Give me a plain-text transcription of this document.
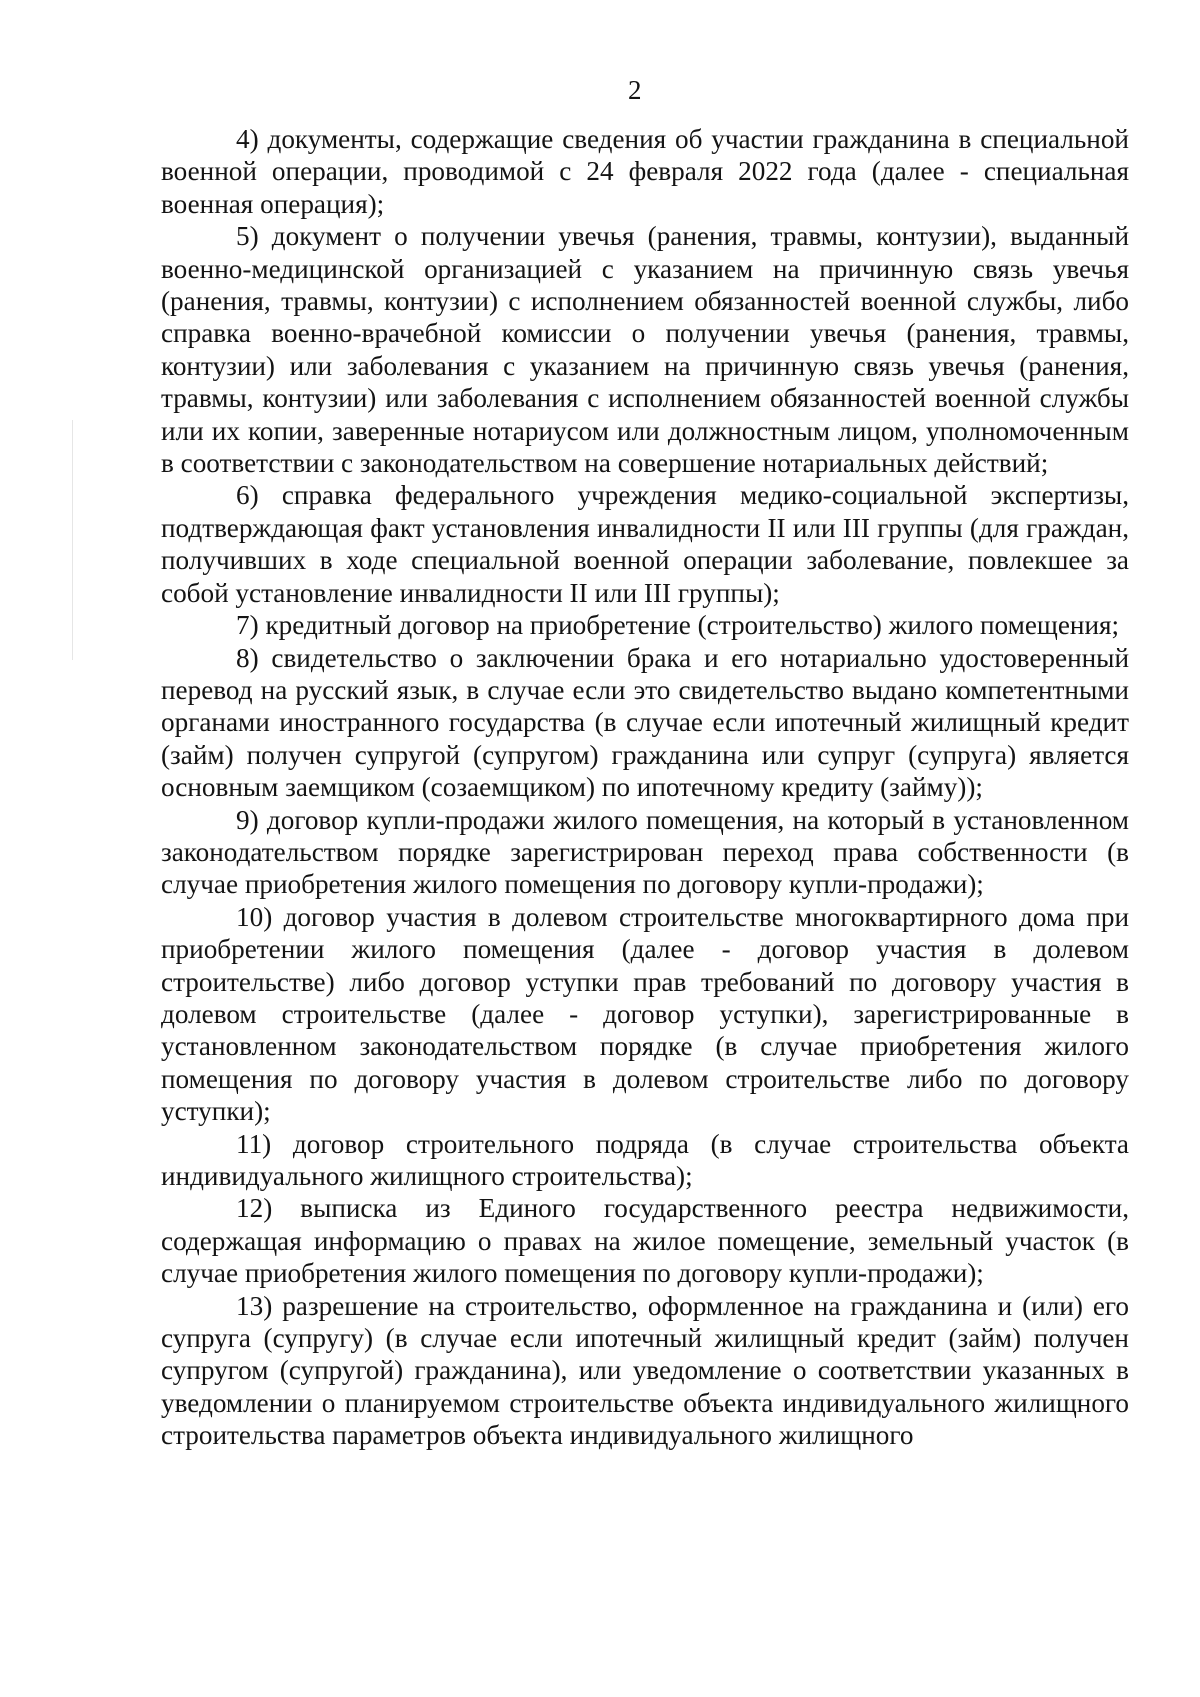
2

4) документы, содержащие сведения об участии гражданина в специальной военной операции, проводимой с 24 февраля 2022 года (далее - специальная военная операция);

5) документ о получении увечья (ранения, травмы, контузии), выданный военно-медицинской организацией с указанием на причинную связь увечья (ранения, травмы, контузии) с исполнением обязанностей военной службы, либо справка военно-врачебной комиссии о получении увечья (ранения, травмы, контузии) или заболевания с указанием на причинную связь увечья (ранения, травмы, контузии) или заболевания с исполнением обязанностей военной службы или их копии, заверенные нотариусом или должностным лицом, уполномоченным в соответствии с законодательством на совершение нотариальных действий;

6) справка федерального учреждения медико-социальной экспертизы, подтверждающая факт установления инвалидности II или III группы (для граждан, получивших в ходе специальной военной операции заболевание, повлекшее за собой установление инвалидности II или III группы);

7) кредитный договор на приобретение (строительство) жилого помещения;

8) свидетельство о заключении брака и его нотариально удостоверенный перевод на русский язык, в случае если это свидетельство выдано компетентными органами иностранного государства (в случае если ипотечный жилищный кредит (займ) получен супругой (супругом) гражданина или супруг (супруга) является основным заемщиком (созаемщиком) по ипотечному кредиту (займу));

9) договор купли-продажи жилого помещения, на который в установленном законодательством порядке зарегистрирован переход права собственности (в случае приобретения жилого помещения по договору купли-продажи);

10) договор участия в долевом строительстве многоквартирного дома при приобретении жилого помещения (далее - договор участия в долевом строительстве) либо договор уступки прав требований по договору участия в долевом строительстве (далее - договор уступки), зарегистрированные в установленном законодательством порядке (в случае приобретения жилого помещения по договору участия в долевом строительстве либо по договору уступки);

11) договор строительного подряда (в случае строительства объекта индивидуального жилищного строительства);

12) выписка из Единого государственного реестра недвижимости, содержащая информацию о правах на жилое помещение, земельный участок (в случае приобретения жилого помещения по договору купли-продажи);

13) разрешение на строительство, оформленное на гражданина и (или) его супруга (супругу) (в случае если ипотечный жилищный кредит (займ) получен супругом (супругой) гражданина), или уведомление о соответствии указанных в уведомлении о планируемом строительстве объекта индивидуального жилищного строительства параметров объекта индивидуального жилищного
